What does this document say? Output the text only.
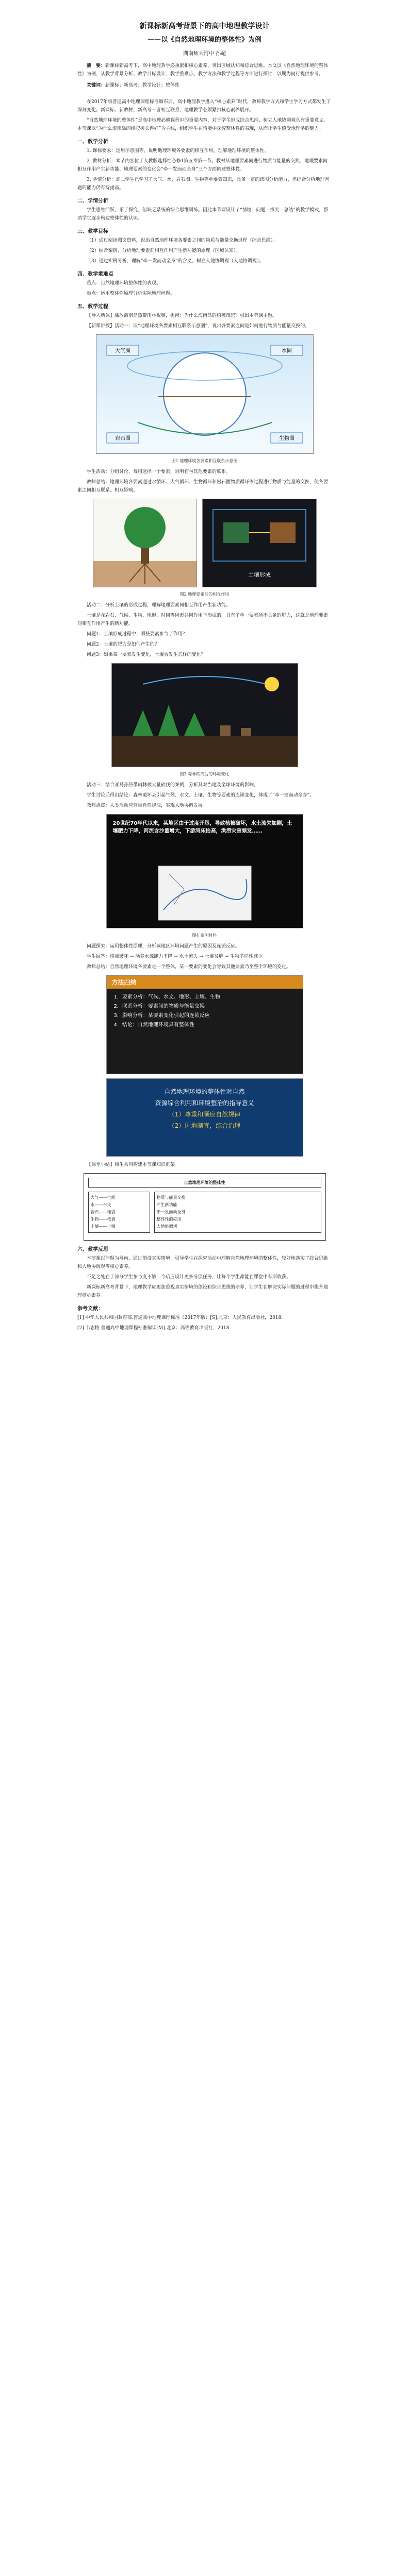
新课标新高考背景下的高中地理教学设计
——以《自然地理环境的整体性》为例
湖南师大附中 孙超
摘　要：新课标新高考下，高中地理教学必须紧扣核心素养、突出区域认知和综合思维。本文以《自然地理环境的整体性》为例，从教学背景分析、教学目标设计、教学重难点、教学方法和教学过程等方面进行探讨，以期为同行提供参考。
关键词：新课标；新高考；教学设计；整体性

在2017年版普通高中地理课程标准颁布后，高中地理教学进入“核心素养”时代，教师教学方式和学生学习方式都发生了深刻变化。新课标、新教材、新高考三者相互联系，地理教学必须紧扣核心素养展开。

“自然地理环境的整体性”是高中地理必修课程中的重要内容，对于学生形成综合思维、树立人地协调观具有重要意义。本节课以“为什么海南岛的橡胶树长得好”为主线，组织学生在情境中探究整体性的表现，从而让学生感受地理学的魅力。

一、教学分析

1. 课标要求：运用示意图等，说明地理环境各要素的相互作用，理解地理环境的整体性。

2. 教材分析：本节内容位于人教版选择性必修1第五章第一节。教材从地理要素间进行物质与能量的交换、地理要素间相互作用产生新功能、地理要素的变化会“牵一发而动全身”三个方面阐述整体性。

3. 学情分析：高二学生已学习了大气、水、岩石圈、生物等单要素知识，具备一定的读图分析能力，但综合分析地理问题的能力仍有待提高。

二、学情分析

学生思维活跃，乐于探究，但缺乏系统的综合思维训练。因此本节课设计了“情境—问题—探究—总结”的教学模式，帮助学生逐步构建整体性的认识。

三、教学目标

（1）通过阅读图文资料，说出自然地理环境各要素之间的物质与能量交换过程（综合思维）。

（2）结合案例，分析地理要素间相互作用产生新功能的原理（区域认知）。

（3）通过实例分析，理解“牵一发而动全身”的含义，树立人地协调观（人地协调观）。

四、教学重难点

重点：自然地理环境整体性的表现。

难点：运用整体性原理分析实际地理问题。

五、教学过程

【导入新课】播放海南岛热带雨林视频，提问：为什么海南岛的植被茂密？引出本节课主题。

【新课讲授】活动一：读“地理环境各要素相互联系示意图”，说出各要素之间是如何进行物质与能量交换的。

大气圈	水圈
岩石圈	生物圈
图1 地理环境各要素相互联系示意图

学生活动：分组讨论，每组选择一个要素，说明它与其他要素的联系。

教师总结：地理环境各要素通过水循环、大气循环、生物循环和岩石圈物质循环等过程进行物质与能量的交换，使各要素之间相互联系、相互影响。

土壤形成
图2 地理要素间的相互作用

活动二：分析土壤的形成过程，理解地理要素间相互作用产生新功能。

土壤是在岩石、气候、生物、地形、时间等因素共同作用下形成的，具有了单一要素所不具备的肥力，这就是地理要素间相互作用产生的新功能。

问题1：土壤形成过程中，哪些要素参与了作用？

问题2：土壤的肥力是如何产生的？

问题3：如果某一要素发生变化，土壤会发生怎样的变化？

图3 森林砍伐后的环境变化

活动三：结合亚马孙热带雨林被大量砍伐的案例，分析其对当地及全球环境的影响。

学生讨论后得出结论：森林破坏会引起气候、水文、土壤、生物等要素的连锁变化，体现了“牵一发而动全身”。

教师点拨：人类活动应尊重自然规律，实现人地协调发展。

20世纪70年代以来，某地区由于过度开垦，导致植被破坏，水土流失加剧，土壤肥力下降，河流含沙量增大，下游河床抬高，洪涝灾害频发……
图4 案例材料

问题探究：运用整体性原理，分析该地区环境问题产生的原因及连锁反应。

学生回答：植被破坏 → 涵养水源能力下降 → 水土流失 → 土壤贫瘠 → 生物多样性减少。

教师总结：自然地理环境各要素是一个整体，某一要素的变化会导致其他要素乃至整个环境的变化。

方法归纳
1．要素分析：气候、水文、地形、土壤、生物
2．联系分析：要素间的物质与能量交换
3．影响分析：某要素变化引起的连锁反应
4．结论：自然地理环境具有整体性
自然地理环境的整体性对自然
资源综合利用和环境整治的指导意义
（1）尊重和顺应自然规律
（2）因地制宜，综合治理

【课堂小结】师生共同构建本节课知识框架。

自然地理环境的整体性
大气——气候
水——水文
岩石——地貌
生物——植被
土壤——土壤
物质与能量交换
产生新功能
牵一发而动全身
整体性的应用
人地协调观
六、教学反思

本节课以问题为导向，通过创设真实情境，引导学生在探究活动中理解自然地理环境的整体性，较好地落实了综合思维和人地协调观等核心素养。

不足之处在于部分学生参与度不够，今后应设计更多分层任务，让每个学生都能在课堂中有所收获。

新课标新高考背景下，地理教学应更加重视真实情境的创设和综合思维的培养，让学生在解决实际问题的过程中提升地理核心素养。

参考文献：

[1] 中华人民共和国教育部.普通高中地理课程标准（2017年版）[S].北京：人民教育出版社，2018.

[2] 韦志榕.普通高中地理课程标准解读[M].北京：高等教育出版社，2018.
